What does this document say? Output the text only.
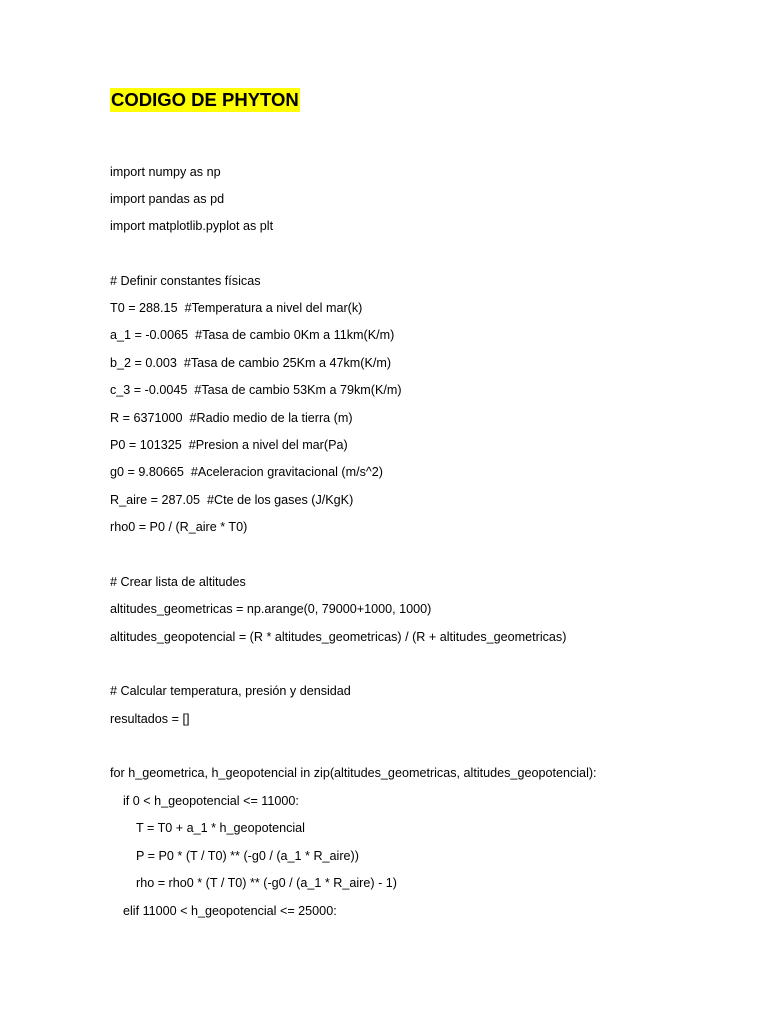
CODIGO DE PHYTON
import numpy as np
import pandas as pd
import matplotlib.pyplot as plt
# Definir constantes físicas
T0 = 288.15  #Temperatura a nivel del mar(k)
a_1 = -0.0065  #Tasa de cambio 0Km a 11km(K/m)
b_2 = 0.003  #Tasa de cambio 25Km a 47km(K/m)
c_3 = -0.0045  #Tasa de cambio 53Km a 79km(K/m)
R = 6371000  #Radio medio de la tierra (m)
P0 = 101325  #Presion a nivel del mar(Pa)
g0 = 9.80665  #Aceleracion gravitacional (m/s^2)
R_aire = 287.05  #Cte de los gases (J/KgK)
rho0 = P0 / (R_aire * T0)
# Crear lista de altitudes
altitudes_geometricas = np.arange(0, 79000+1000, 1000)
altitudes_geopotencial = (R * altitudes_geometricas) / (R + altitudes_geometricas)
# Calcular temperatura, presión y densidad
resultados = []
for h_geometrica, h_geopotencial in zip(altitudes_geometricas, altitudes_geopotencial):
if 0 < h_geopotencial <= 11000:
T = T0 + a_1 * h_geopotencial
P = P0 * (T / T0) ** (-g0 / (a_1 * R_aire))
rho = rho0 * (T / T0) ** (-g0 / (a_1 * R_aire) - 1)
elif 11000 < h_geopotencial <= 25000:
